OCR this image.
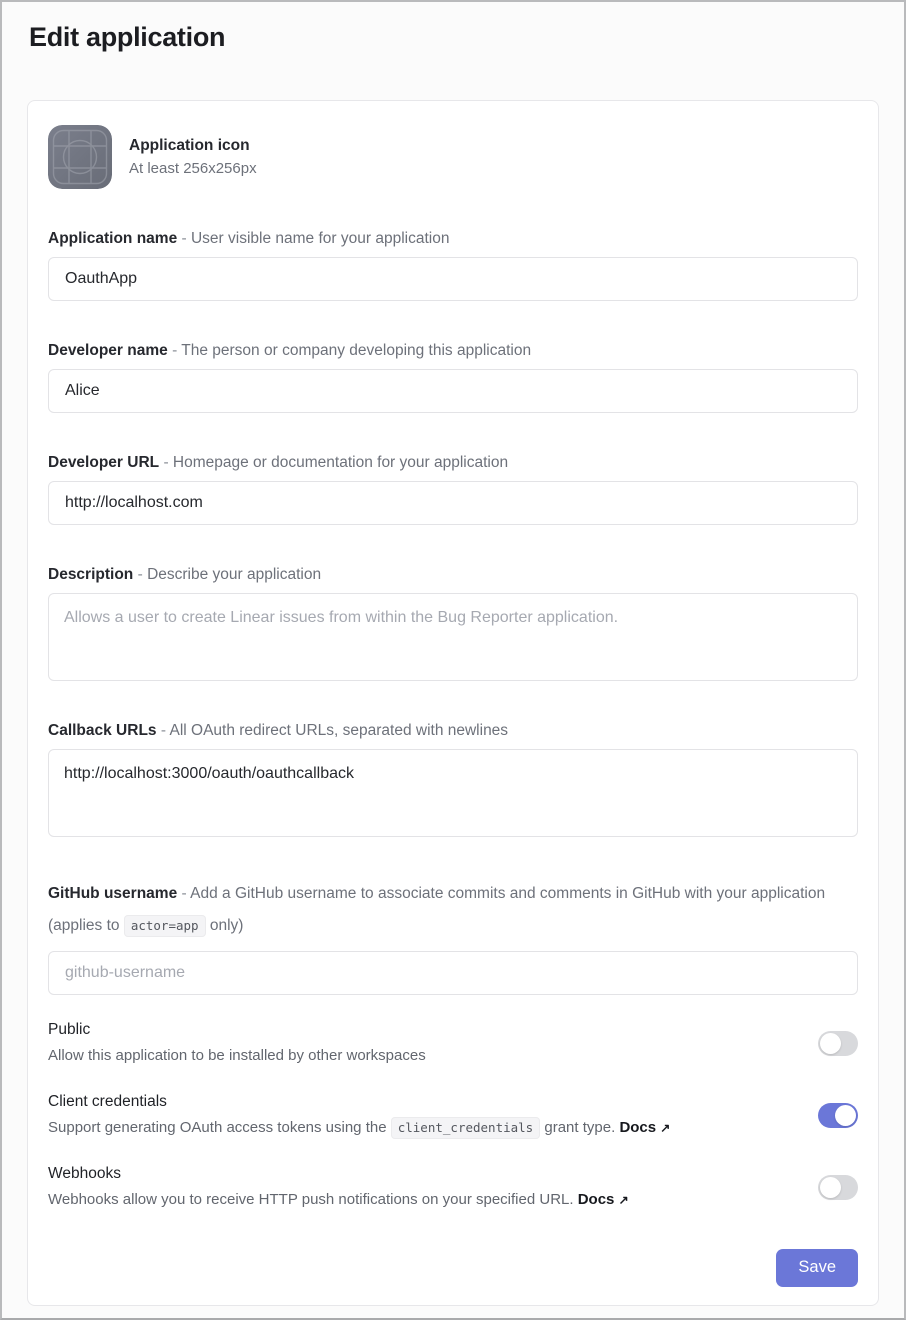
Edit application
Application icon
At least 256x256px
Application name - User visible name for your application
OauthApp
Developer name - The person or company developing this application
Alice
Developer URL - Homepage or documentation for your application
http://localhost.com
Description - Describe your application
Allows a user to create Linear issues from within the Bug Reporter application.
Callback URLs - All OAuth redirect URLs, separated with newlines
http://localhost:3000/oauth/oauthcallback
GitHub username - Add a GitHub username to associate commits and comments in GitHub with your application (applies to actor=app only)
github-username
Public
Allow this application to be installed by other workspaces
Client credentials
Support generating OAuth access tokens using the client_credentials grant type. Docs ↗
Webhooks
Webhooks allow you to receive HTTP push notifications on your specified URL. Docs ↗
Save
